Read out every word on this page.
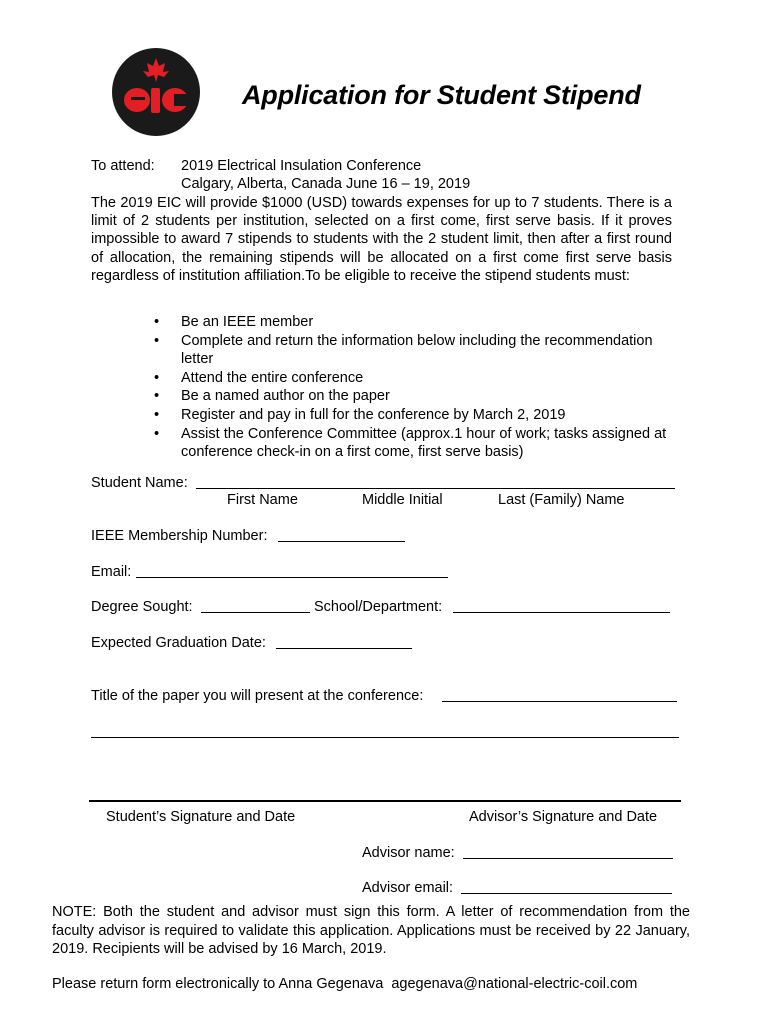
Application for Student Stipend
To attend: 2019 Electrical Insulation Conference
Calgary, Alberta, Canada June 16 – 19, 2019
The 2019 EIC will provide $1000 (USD) towards expenses for up to 7 students. There is a limit of 2 students per institution, selected on a first come, first serve basis. If it proves impossible to award 7 stipends to students with the 2 student limit, then after a first round of allocation, the remaining stipends will be allocated on a first come first serve basis regardless of institution affiliation.To be eligible to receive the stipend students must:
• Be an IEEE member
• Complete and return the information below including the recommendation letter
• Attend the entire conference
• Be a named author on the paper
• Register and pay in full for the conference by March 2, 2019
• Assist the Conference Committee (approx.1 hour of work; tasks assigned at conference check-in on a first come, first serve basis)
Student Name:
First Name	Middle Initial	Last (Family) Name
IEEE Membership Number:
Email:
Degree Sought:	School/Department:
Expected Graduation Date:
Title of the paper you will present at the conference:
Student’s Signature and Date	Advisor’s Signature and Date
Advisor name:
Advisor email:
NOTE: Both the student and advisor must sign this form. A letter of recommendation from the faculty advisor is required to validate this application. Applications must be received by 22 January, 2019. Recipients will be advised by 16 March, 2019.
Please return form electronically to Anna Gegenava agegenava@national-electric-coil.com
